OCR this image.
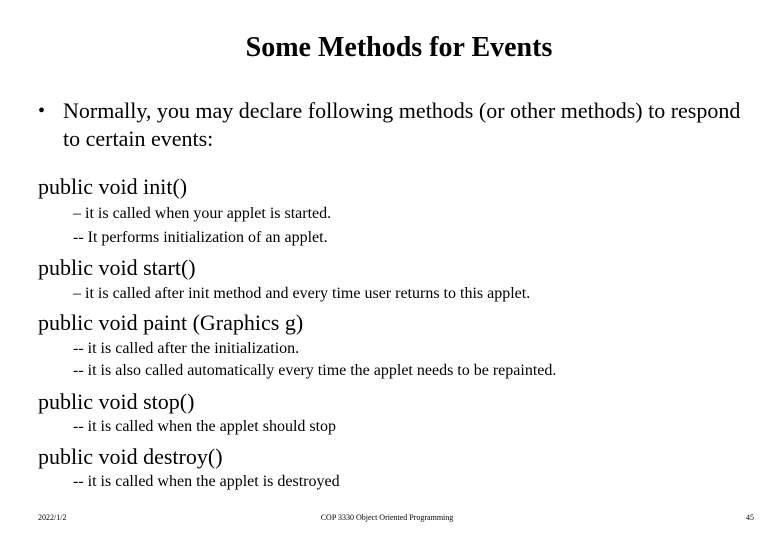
Some Methods for Events
• Normally, you may declare following methods (or other methods) to respond to certain events:
public void init()
– it is called when your applet is started.
-- It performs initialization of an applet.
public void start()
– it is called after init method and every time user returns to this applet.
public void paint (Graphics g)
-- it is called after the initialization.
-- it is also called automatically every time the applet needs to be repainted.
public void stop()
-- it is called when the applet should stop
public void destroy()
-- it is called when the applet is destroyed
2022/1/2	COP 3330 Object Oriented Programming	45
